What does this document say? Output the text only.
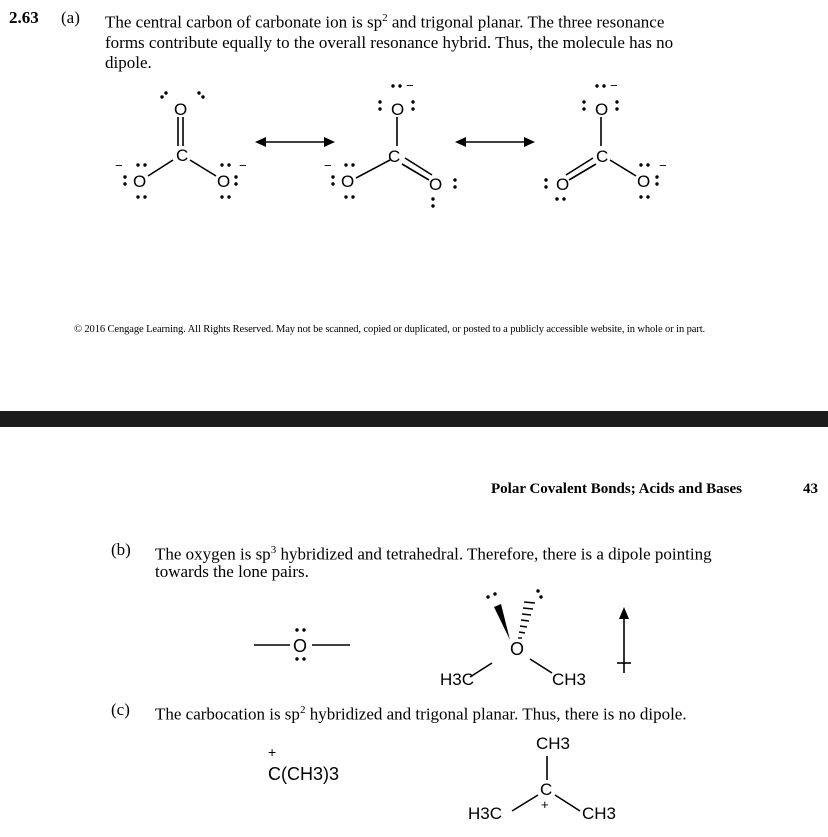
2.63 (a) The central carbon of carbonate ion is $sp^2$ and trigonal planar. The three resonance
forms contribute equally to the overall resonance hybrid. Thus, the molecule has no
dipole.
O
C
O	O
−	−
O
C
O	O
−
−
O
C
O	O
−
−
© 2016 Cengage Learning. All Rights Reserved. May not be scanned, copied or duplicated, or posted to a publicly accessible website, in whole or in part.
Polar Covalent Bonds; Acids and Bases	43
(b) The oxygen is $sp^3$ hybridized and tetrahedral. Therefore, there is a dipole pointing
towards the lone pairs.
O	O
H3C	CH3
(c) The carbocation is $sp^2$ hybridized and trigonal planar. Thus, there is no dipole.
+
C(CH3)3
CH3
C
+
H3C	CH3
